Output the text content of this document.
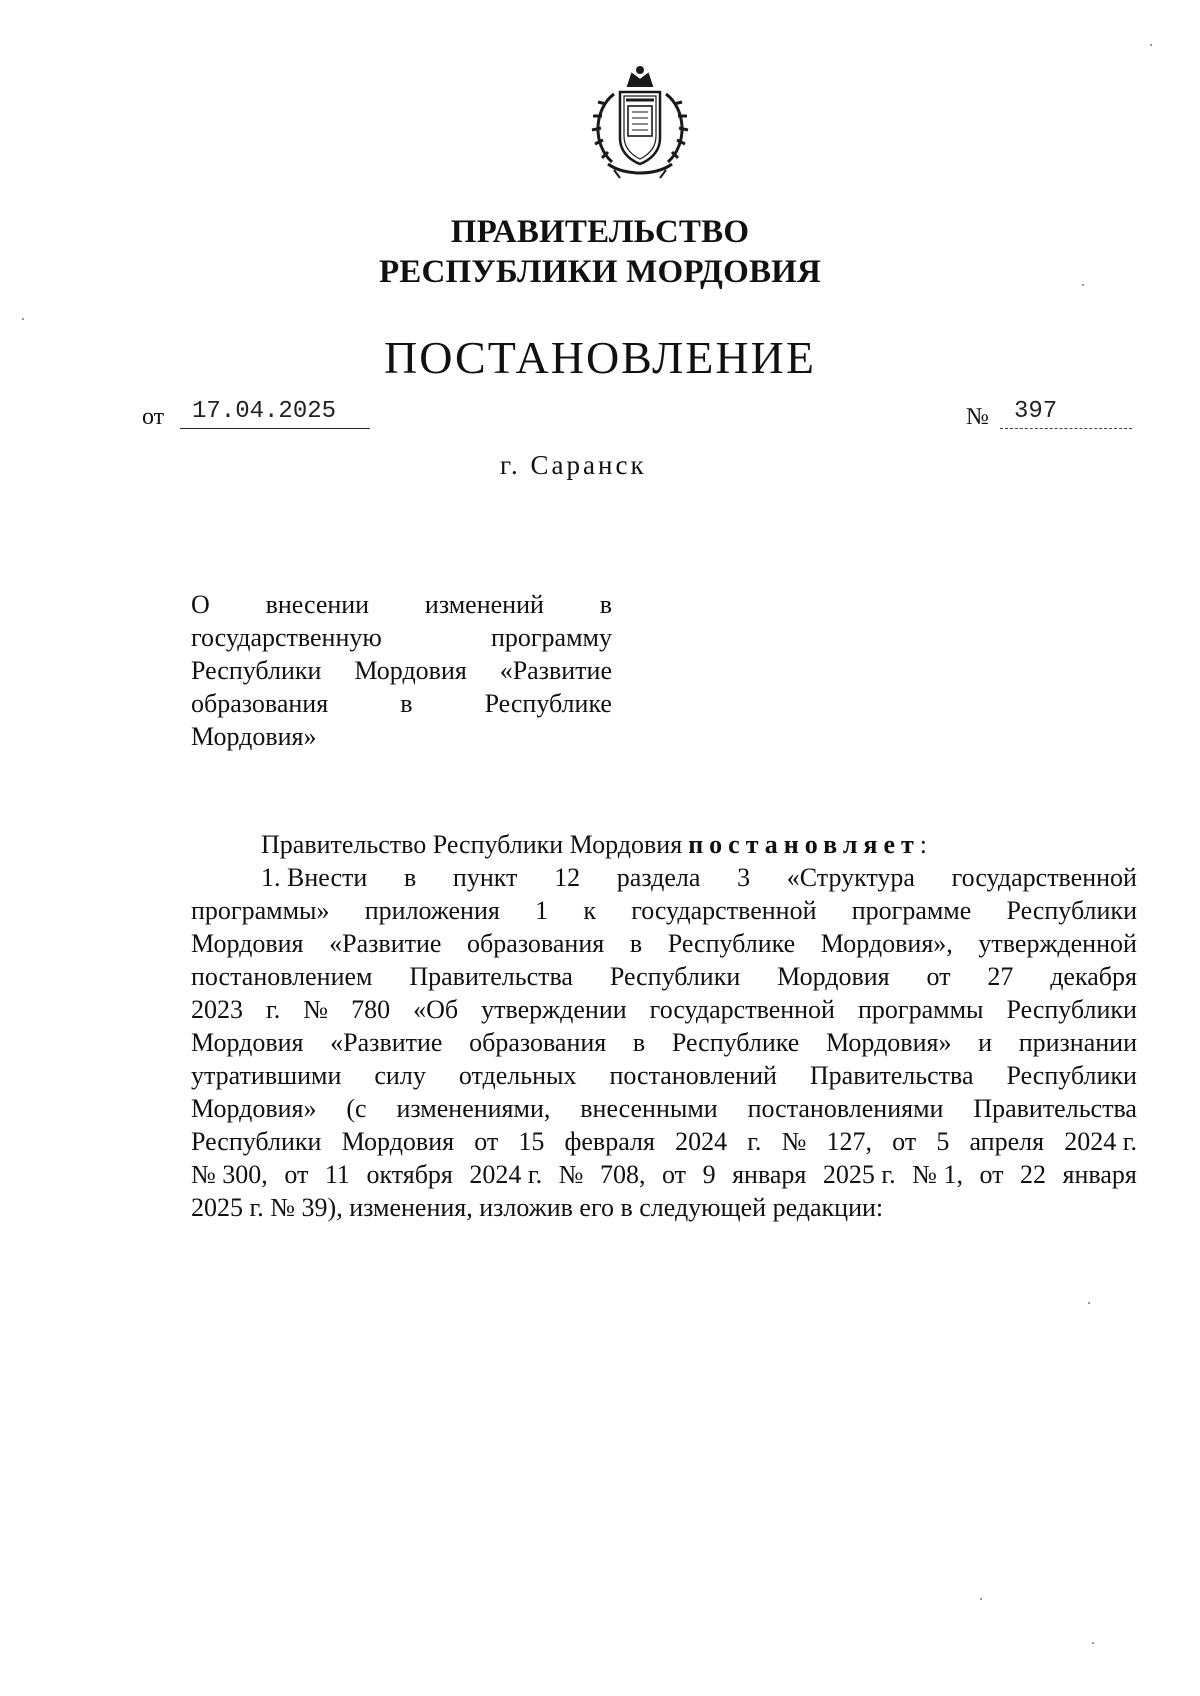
ПРАВИТЕЛЬСТВО
РЕСПУБЛИКИ МОРДОВИЯ
ПОСТАНОВЛЕНИЕ
от	17.04.2025	№	397
г. Саранск
О внесении изменений в
государственную	программу
Республики Мордовия «Развитие
образования	в	Республике
Мордовия»
Правительство Республики Мордовия постановляет :
1. Внести в пункт 12 раздела 3 «Структура государственной
программы» приложения 1 к государственной программе Республики
Мордовия «Развитие образования в Республике Мордовия», утвержденной
постановлением Правительства Республики Мордовия от 27 декабря
2023 г. № 780 «Об утверждении государственной программы Республики
Мордовия «Развитие образования в Республике Мордовия» и признании
утратившими силу отдельных постановлений Правительства Республики
Мордовия» (с изменениями, внесенными постановлениями Правительства
Республики Мордовия от 15 февраля 2024 г. № 127, от 5 апреля 2024 г.
№ 300, от 11 октября 2024 г. № 708, от 9 января 2025 г. № 1, от 22 января
2025 г. № 39), изменения, изложив его в следующей редакции:
